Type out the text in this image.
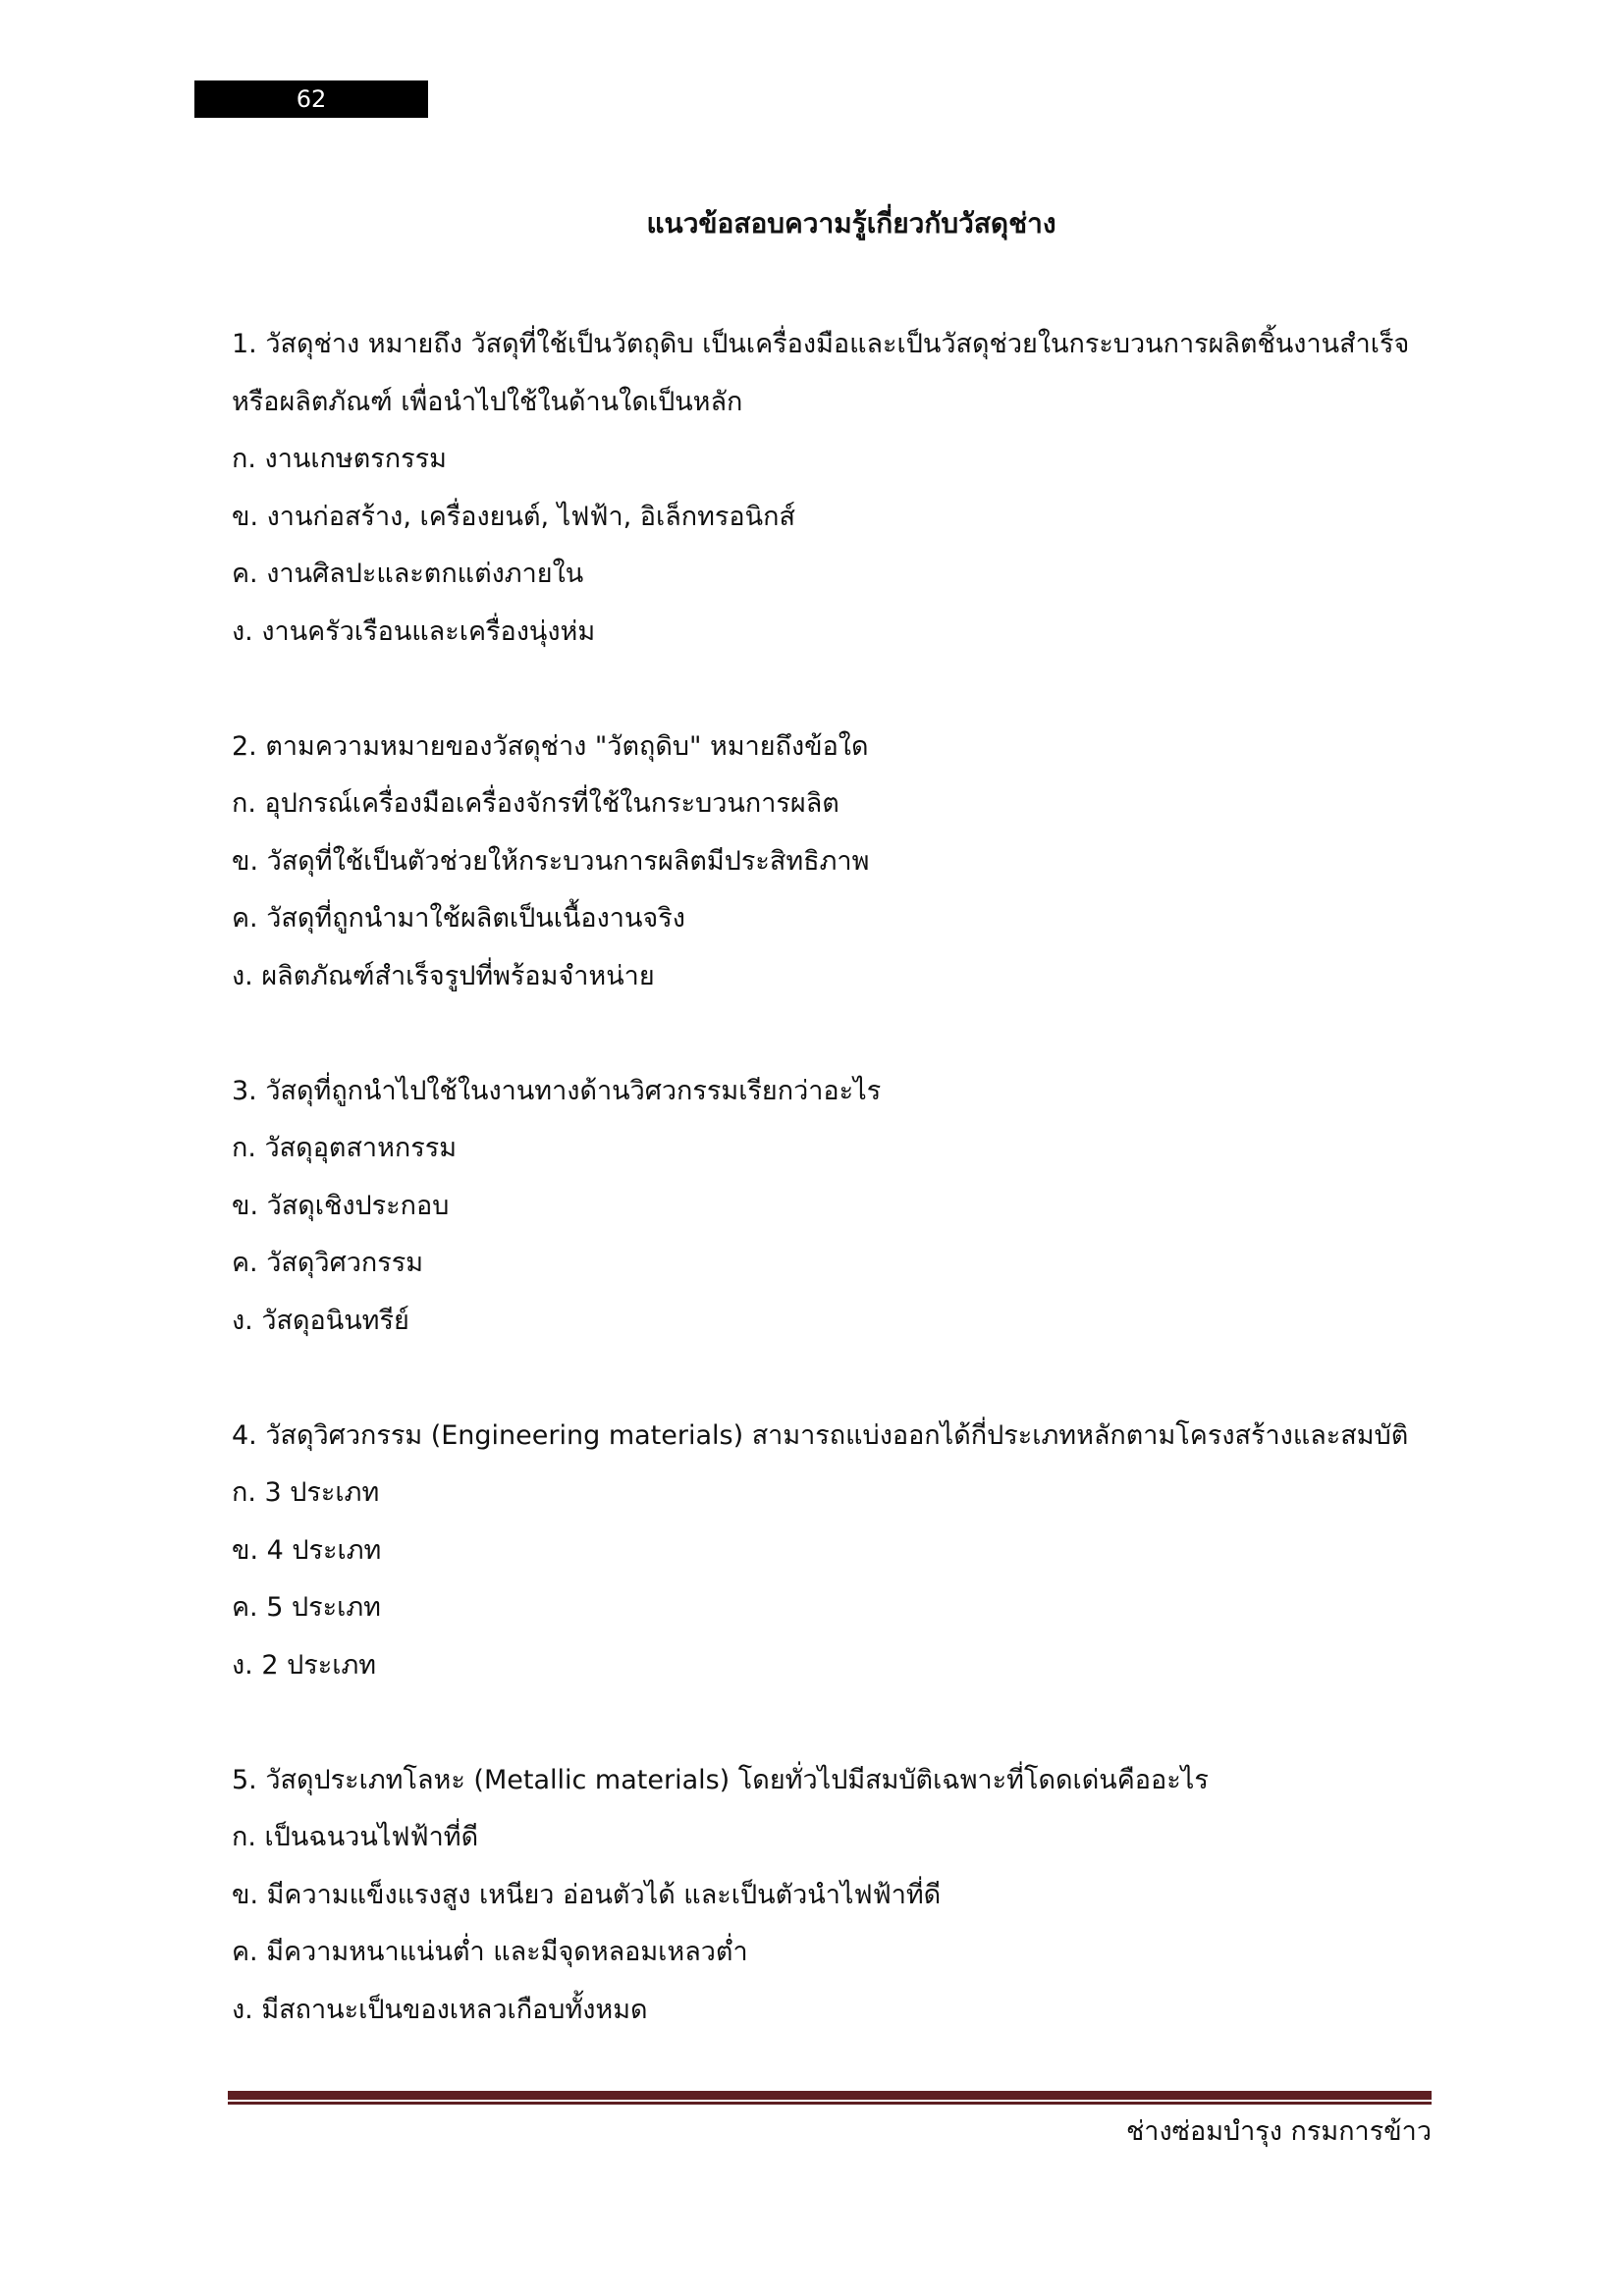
62
แนวข้อสอบความรู้เกี่ยวกับวัสดุช่าง

1. วัสดุช่าง หมายถึง วัสดุที่ใช้เป็นวัตถุดิบ เป็นเครื่องมือและเป็นวัสดุช่วยในกระบวนการผลิตชิ้นงานสำเร็จหรือผลิตภัณฑ์ เพื่อนำไปใช้ในด้านใดเป็นหลัก

ก. งานเกษตรกรรม

ข. งานก่อสร้าง, เครื่องยนต์, ไฟฟ้า, อิเล็กทรอนิกส์

ค. งานศิลปะและตกแต่งภายใน

ง. งานครัวเรือนและเครื่องนุ่งห่ม

2. ตามความหมายของวัสดุช่าง "วัตถุดิบ" หมายถึงข้อใด

ก. อุปกรณ์เครื่องมือเครื่องจักรที่ใช้ในกระบวนการผลิต

ข. วัสดุที่ใช้เป็นตัวช่วยให้กระบวนการผลิตมีประสิทธิภาพ

ค. วัสดุที่ถูกนำมาใช้ผลิตเป็นเนื้องานจริง

ง. ผลิตภัณฑ์สำเร็จรูปที่พร้อมจำหน่าย

3. วัสดุที่ถูกนำไปใช้ในงานทางด้านวิศวกรรมเรียกว่าอะไร

ก. วัสดุอุตสาหกรรม

ข. วัสดุเชิงประกอบ

ค. วัสดุวิศวกรรม

ง. วัสดุอนินทรีย์

4. วัสดุวิศวกรรม (Engineering materials) สามารถแบ่งออกได้กี่ประเภทหลักตามโครงสร้างและสมบัติ

ก. 3 ประเภท

ข. 4 ประเภท

ค. 5 ประเภท

ง. 2 ประเภท

5. วัสดุประเภทโลหะ (Metallic materials) โดยทั่วไปมีสมบัติเฉพาะที่โดดเด่นคืออะไร

ก. เป็นฉนวนไฟฟ้าที่ดี

ข. มีความแข็งแรงสูง เหนียว อ่อนตัวได้ และเป็นตัวนำไฟฟ้าที่ดี

ค. มีความหนาแน่นต่ำ และมีจุดหลอมเหลวต่ำ

ง. มีสถานะเป็นของเหลวเกือบทั้งหมด

ช่างซ่อมบำรุง กรมการข้าว
